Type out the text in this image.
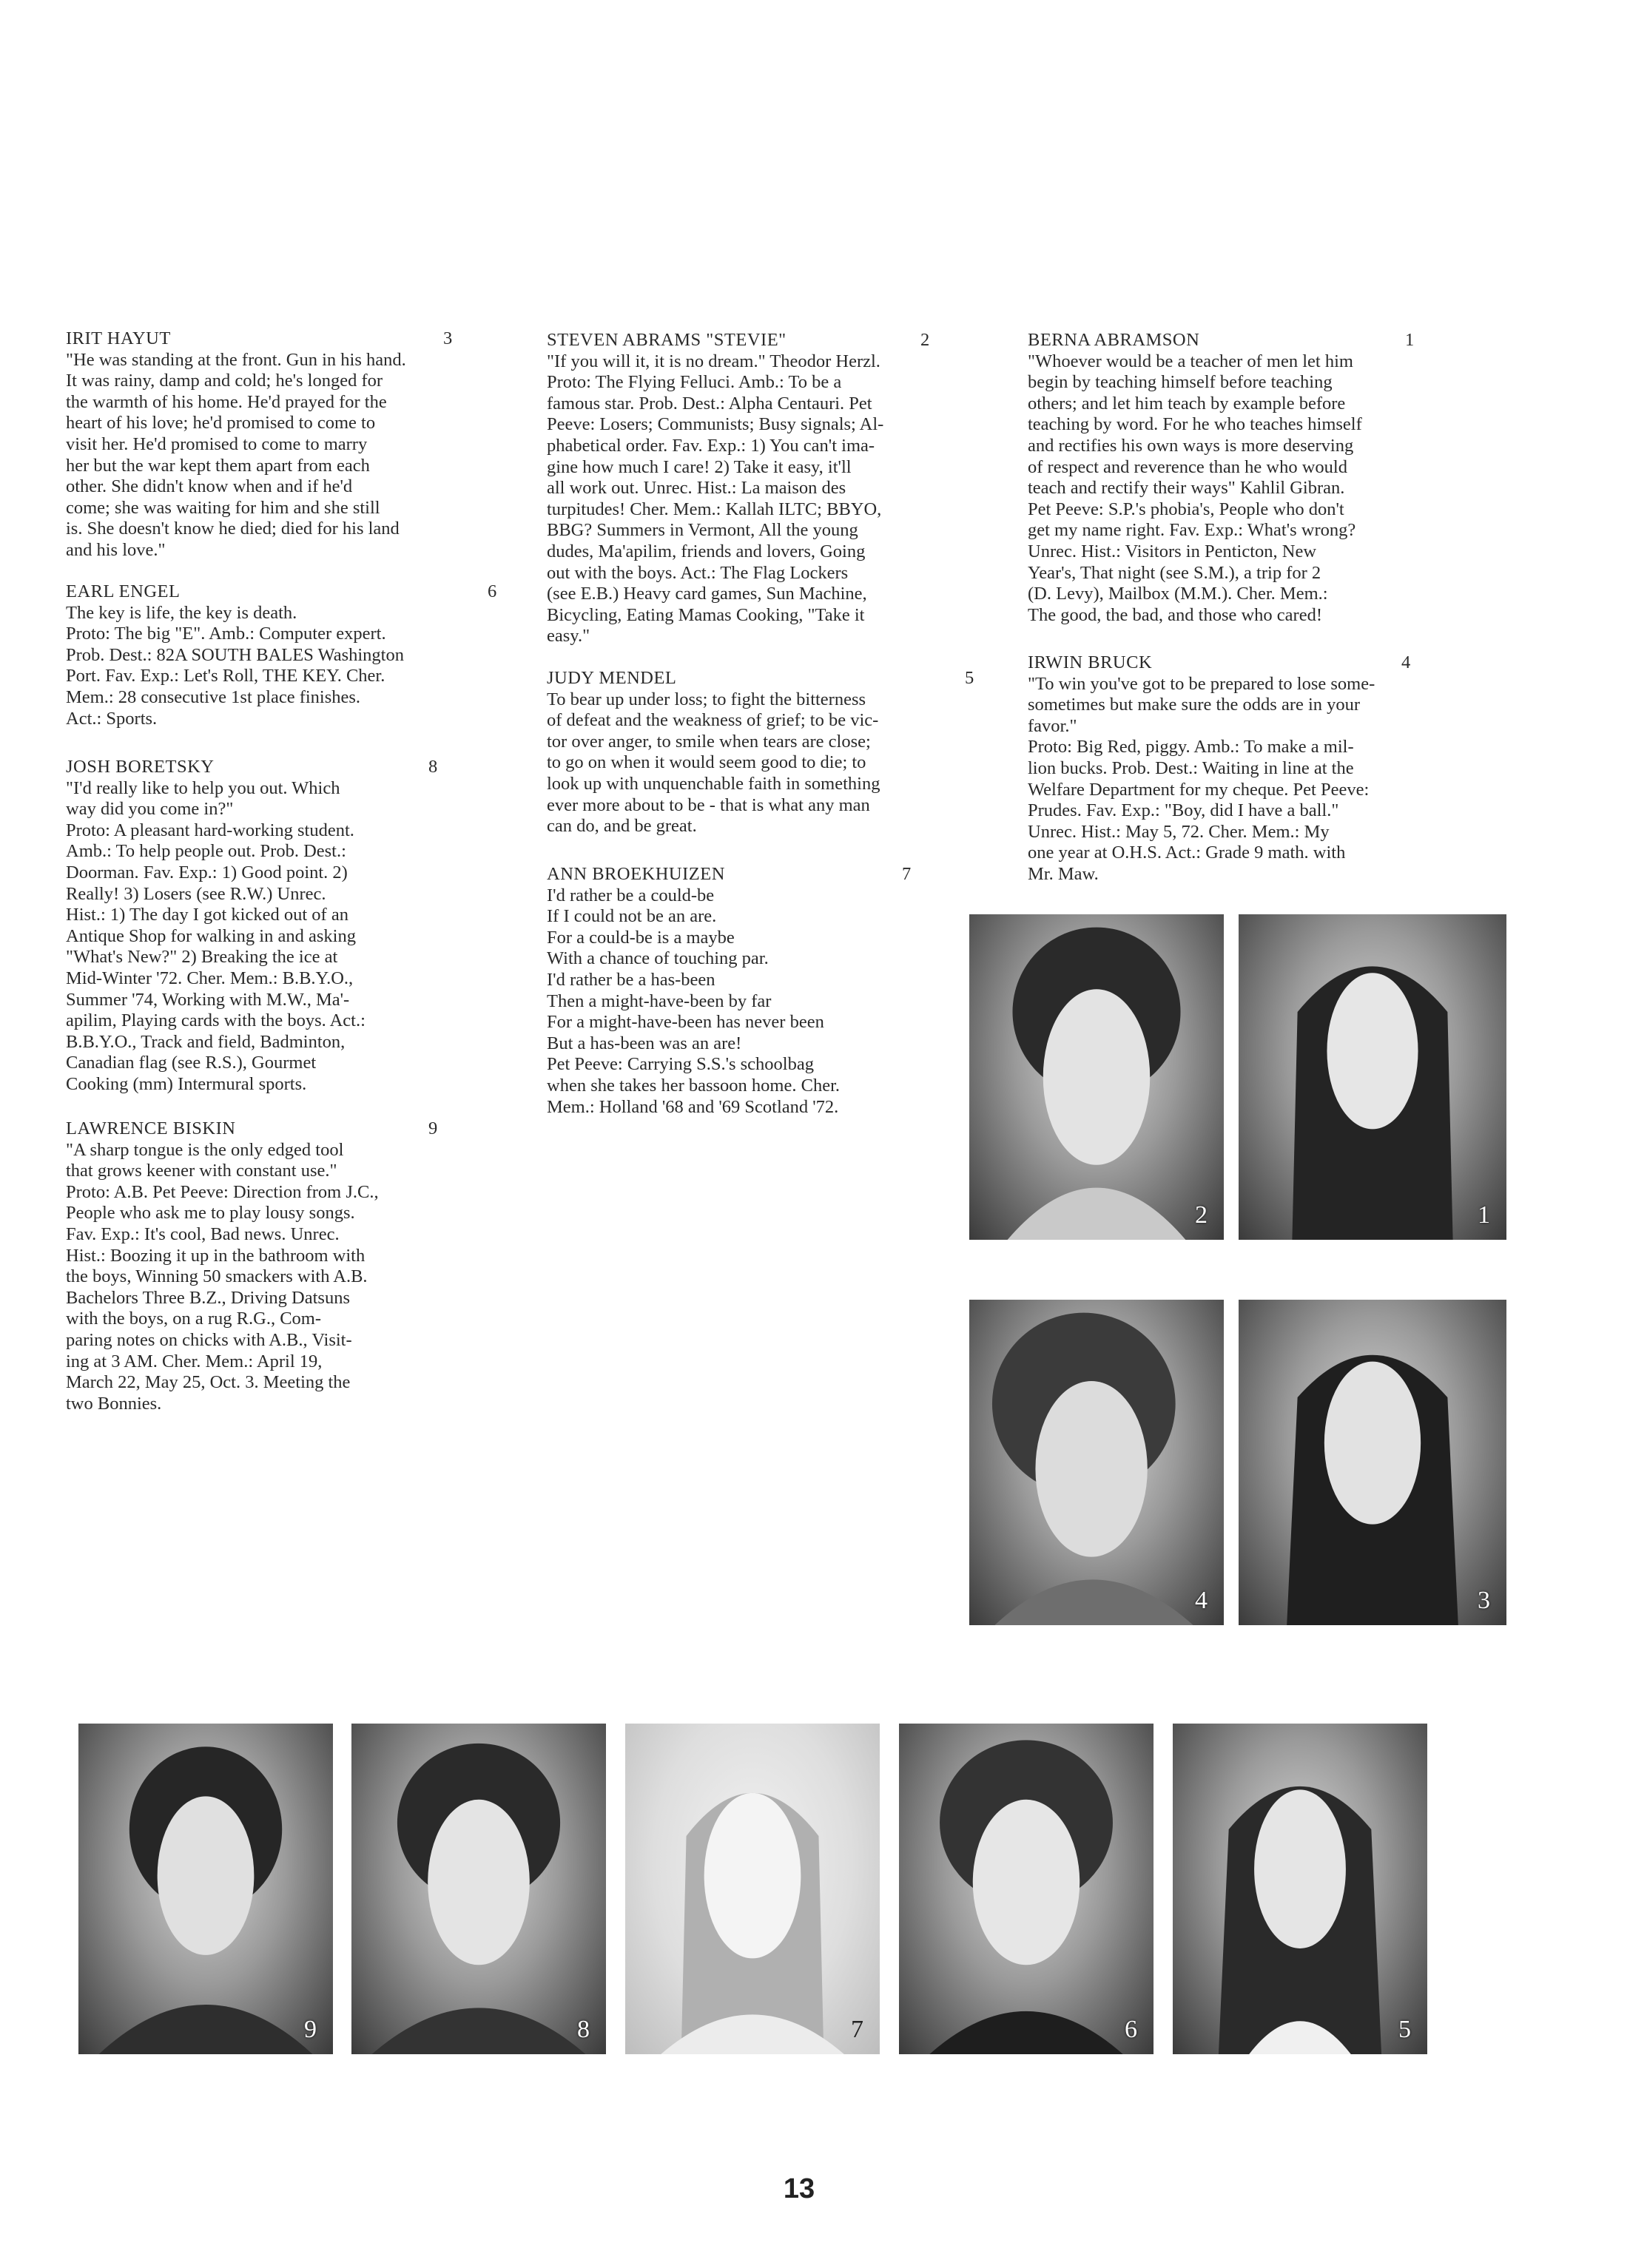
IRIT HAYUT	3
"He was standing at the front. Gun in his hand.
It was rainy, damp and cold; he's longed for
the warmth of his home. He'd prayed for the
heart of his love; he'd promised to come to
visit her. He'd promised to come to marry
her but the war kept them apart from each
other. She didn't know when and if he'd
come; she was waiting for him and she still
is. She doesn't know he died; died for his land
and his love."
EARL ENGEL	6
The key is life, the key is death.
Proto: The big "E". Amb.: Computer expert.
Prob. Dest.: 82A SOUTH BALES Washington
Port. Fav. Exp.: Let's Roll, THE KEY. Cher.
Mem.: 28 consecutive 1st place finishes.
Act.: Sports.
JOSH BORETSKY	8
"I'd really like to help you out. Which
way did you come in?"
Proto: A pleasant hard-working student.
Amb.: To help people out. Prob. Dest.:
Doorman. Fav. Exp.: 1) Good point. 2)
Really! 3) Losers (see R.W.) Unrec.
Hist.: 1) The day I got kicked out of an
Antique Shop for walking in and asking
"What's New?" 2) Breaking the ice at
Mid-Winter '72. Cher. Mem.: B.B.Y.O.,
Summer '74, Working with M.W., Ma'-
apilim, Playing cards with the boys. Act.:
B.B.Y.O., Track and field, Badminton,
Canadian flag (see R.S.), Gourmet
Cooking (mm) Intermural sports.
LAWRENCE BISKIN	9
"A sharp tongue is the only edged tool
that grows keener with constant use."
Proto: A.B. Pet Peeve: Direction from J.C.,
People who ask me to play lousy songs.
Fav. Exp.: It's cool, Bad news. Unrec.
Hist.: Boozing it up in the bathroom with
the boys, Winning 50 smackers with A.B.
Bachelors Three B.Z., Driving Datsuns
with the boys, on a rug R.G., Com-
paring notes on chicks with A.B., Visit-
ing at 3 AM. Cher. Mem.: April 19,
March 22, May 25, Oct. 3. Meeting the
two Bonnies.
STEVEN ABRAMS "STEVIE"	2
"If you will it, it is no dream." Theodor Herzl.
Proto: The Flying Felluci. Amb.: To be a
famous star. Prob. Dest.: Alpha Centauri. Pet
Peeve: Losers; Communists; Busy signals; Al-
phabetical order. Fav. Exp.: 1) You can't ima-
gine how much I care! 2) Take it easy, it'll
all work out. Unrec. Hist.: La maison des
turpitudes! Cher. Mem.: Kallah ILTC; BBYO,
BBG? Summers in Vermont, All the young
dudes, Ma'apilim, friends and lovers, Going
out with the boys. Act.: The Flag Lockers
(see E.B.) Heavy card games, Sun Machine,
Bicycling, Eating Mamas Cooking, "Take it
easy."
JUDY MENDEL	5
To bear up under loss; to fight the bitterness
of defeat and the weakness of grief; to be vic-
tor over anger, to smile when tears are close;
to go on when it would seem good to die; to
look up with unquenchable faith in something
ever more about to be - that is what any man
can do, and be great.
ANN BROEKHUIZEN	7
I'd rather be a could-be
If I could not be an are.
For a could-be is a maybe
With a chance of touching par.
I'd rather be a has-been
Then a might-have-been by far
For a might-have-been has never been
But a has-been was an are!
Pet Peeve: Carrying S.S.'s schoolbag
when she takes her bassoon home. Cher.
Mem.: Holland '68 and '69 Scotland '72.
BERNA ABRAMSON	1
"Whoever would be a teacher of men let him
begin by teaching himself before teaching
others; and let him teach by example before
teaching by word. For he who teaches himself
and rectifies his own ways is more deserving
of respect and reverence than he who would
teach and rectify their ways" Kahlil Gibran.
Pet Peeve: S.P.'s phobia's, People who don't
get my name right. Fav. Exp.: What's wrong?
Unrec. Hist.: Visitors in Penticton, New
Year's, That night (see S.M.), a trip for 2
(D. Levy), Mailbox (M.M.). Cher. Mem.:
The good, the bad, and those who cared!
IRWIN BRUCK	4
"To win you've got to be prepared to lose some-
sometimes but make sure the odds are in your
favor."
Proto: Big Red, piggy. Amb.: To make a mil-
lion bucks. Prob. Dest.: Waiting in line at the
Welfare Department for my cheque. Pet Peeve:
Prudes. Fav. Exp.: "Boy, did I have a ball."
Unrec. Hist.: May 5, 72. Cher. Mem.: My
one year at O.H.S. Act.: Grade 9 math. with
Mr. Maw.
2	1
4	3
9	8	7	6	5
13
